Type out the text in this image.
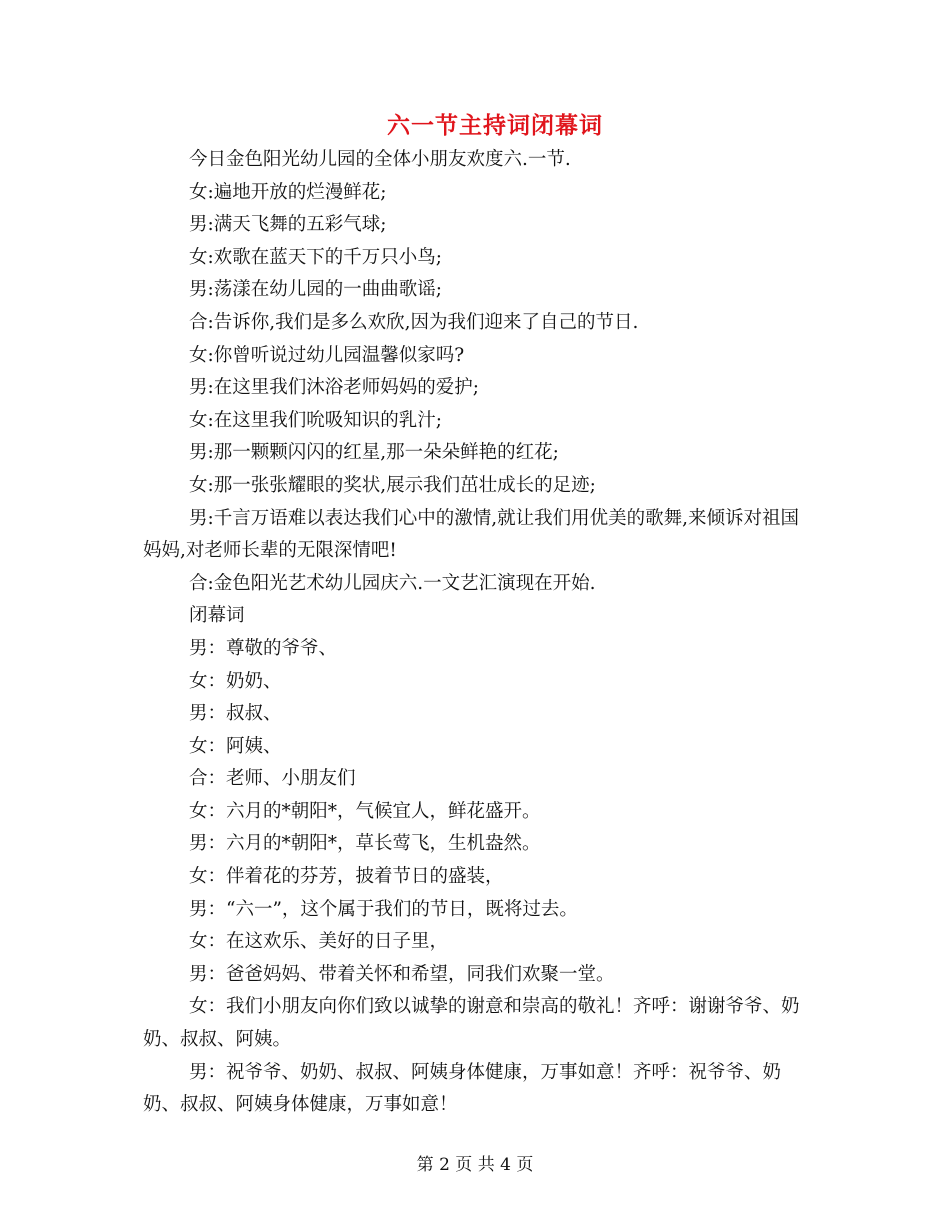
六一节主持词闭幕词

今日金色阳光幼儿园的全体小朋友欢度六.一节.

女:遍地开放的烂漫鲜花;

男:满天飞舞的五彩气球;

女:欢歌在蓝天下的千万只小鸟;

男:荡漾在幼儿园的一曲曲歌谣;

合:告诉你,我们是多么欢欣,因为我们迎来了自己的节日.

女:你曾听说过幼儿园温馨似家吗?

男:在这里我们沐浴老师妈妈的爱护;

女:在这里我们吮吸知识的乳汁;

男:那一颗颗闪闪的红星,那一朵朵鲜艳的红花;

女:那一张张耀眼的奖状,展示我们茁壮成长的足迹;

男:千言万语难以表达我们心中的激情,就让我们用优美的歌舞,来倾诉对祖国妈妈,对老师长辈的无限深情吧!

合:金色阳光艺术幼儿园庆六.一文艺汇演现在开始.

闭幕词

男：尊敬的爷爷、

女：奶奶、

男：叔叔、

女：阿姨、

合：老师、小朋友们

女：六月的*朝阳*，气候宜人，鲜花盛开。

男：六月的*朝阳*，草长莺飞，生机盎然。

女：伴着花的芬芳，披着节日的盛装，

男：“六一”，这个属于我们的节日，既将过去。

女：在这欢乐、美好的日子里，

男：爸爸妈妈、带着关怀和希望，同我们欢聚一堂。

女：我们小朋友向你们致以诚挚的谢意和崇高的敬礼！齐呼：谢谢爷爷、奶奶、叔叔、阿姨。

男：祝爷爷、奶奶、叔叔、阿姨身体健康，万事如意！齐呼：祝爷爷、奶奶、叔叔、阿姨身体健康，万事如意！

第 2 页 共 4 页
